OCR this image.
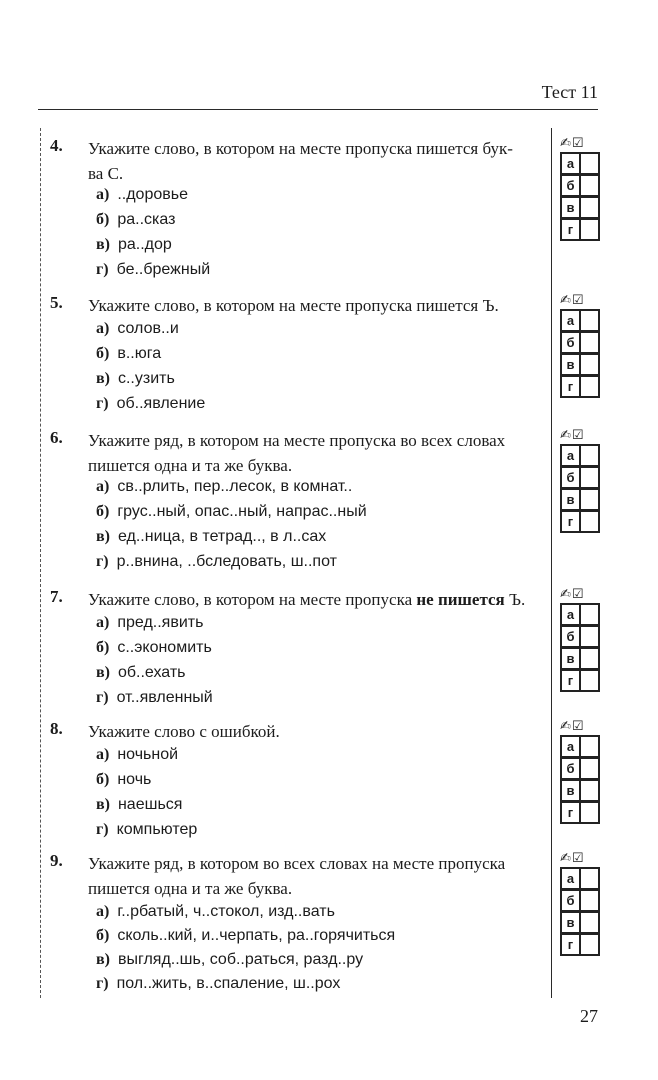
Тест 11
4. Укажите слово, в котором на месте пропуска пишется бук-
ва С.
а) ..доровье
б) ра..сказ
в) ра..дор
г) бе..брежный
✍☑
а
б
в
г
5. Укажите слово, в котором на месте пропуска пишется Ъ.
а) солов..и
б) в..юга
в) с..узить
г) об..явление
✍☑
а
б
в
г
6. Укажите ряд, в котором на месте пропуска во всех словах
пишется одна и та же буква.
а) св..рлить, пер..лесок, в комнат..
б) грус..ный, опас..ный, напрас..ный
в) ед..ница, в тетрад.., в л..сах
г) р..внина, ..бследовать, ш..пот
✍☑
а
б
в
г
7. Укажите слово, в котором на месте пропуска не пишется Ъ.
а) пред..явить
б) с..экономить
в) об..ехать
г) от..явленный
✍☑
а
б
в
г
8. Укажите слово с ошибкой.
а) ночьной
б) ночь
в) наешься
г) компьютер
✍☑
а
б
в
г
9. Укажите ряд, в котором во всех словах на месте пропуска
пишется одна и та же буква.
а) г..рбатый, ч..стокол, изд..вать
б) сколь..кий, и..черпать, ра..горячиться
в) выгляд..шь, соб..раться, разд..ру
г) пол..жить, в..спаление, ш..рох
✍☑
а
б
в
г
27
